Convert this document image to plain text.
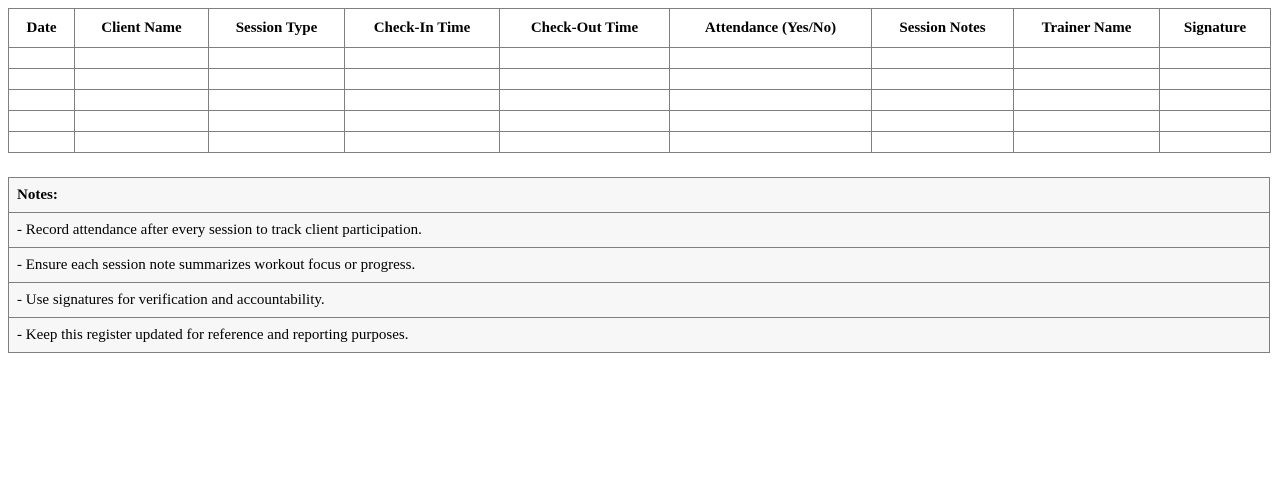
Date	Client Name	Session Type	Check-In Time	Check-Out Time	Attendance (Yes/No)	Session Notes	Trainer Name	Signature

Notes:
- Record attendance after every session to track client participation.
- Ensure each session note summarizes workout focus or progress.
- Use signatures for verification and accountability.
- Keep this register updated for reference and reporting purposes.
